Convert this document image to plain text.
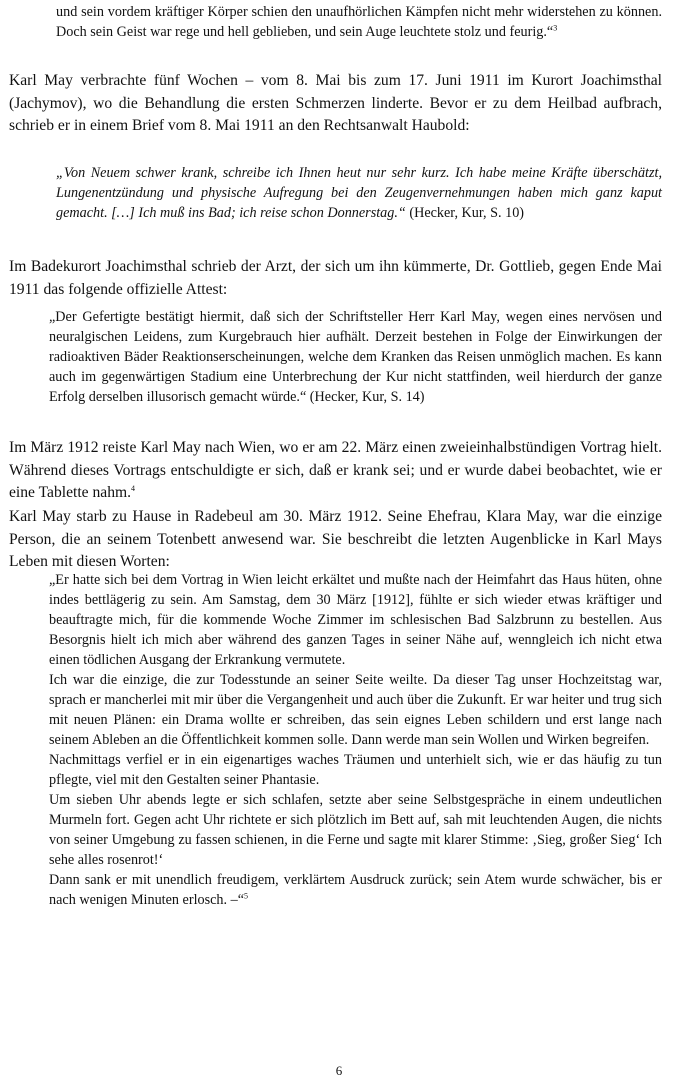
und sein vordem kräftiger Körper schien den unaufhörlichen Kämpfen nicht mehr widerstehen zu können. Doch sein Geist war rege und hell geblieben, und sein Auge leuchtete stolz und feurig.“$^3$

Karl May verbrachte fünf Wochen – vom 8. Mai bis zum 17. Juni 1911 im Kurort Joachimsthal (Jachymov), wo die Behandlung die ersten Schmerzen linderte. Bevor er zu dem Heilbad aufbrach, schrieb er in einem Brief vom 8. Mai 1911 an den Rechtsanwalt Haubold:

„Von Neuem schwer krank, schreibe ich Ihnen heut nur sehr kurz. Ich habe meine Kräfte überschätzt, Lungenentzündung und physische Aufregung bei den Zeugenvernehmungen haben mich ganz kaput gemacht. […] Ich muß ins Bad; ich reise schon Donnerstag.“ (Hecker, Kur, S. 10)

Im Badekurort Joachimsthal schrieb der Arzt, der sich um ihn kümmerte, Dr. Gottlieb, gegen Ende Mai 1911 das folgende offizielle Attest:

„Der Gefertigte bestätigt hiermit, daß sich der Schriftsteller Herr Karl May, wegen eines nervösen und neuralgischen Leidens, zum Kurgebrauch hier aufhält. Derzeit bestehen in Folge der Einwirkungen der radioaktiven Bäder Reaktionserscheinungen, welche dem Kranken das Reisen unmöglich machen. Es kann auch im gegenwärtigen Stadium eine Unterbrechung der Kur nicht stattfinden, weil hierdurch der ganze Erfolg derselben illusorisch gemacht würde.“ (Hecker, Kur, S. 14)

Im März 1912 reiste Karl May nach Wien, wo er am 22. März einen zweieinhalbstündigen Vortrag hielt. Während dieses Vortrags entschuldigte er sich, daß er krank sei; und er wurde dabei beobachtet, wie er eine Tablette nahm.$^4$

Karl May starb zu Hause in Radebeul am 30. März 1912. Seine Ehefrau, Klara May, war die einzige Person, die an seinem Totenbett anwesend war. Sie beschreibt die letzten Augenblicke in Karl Mays Leben mit diesen Worten:

„Er hatte sich bei dem Vortrag in Wien leicht erkältet und mußte nach der Heimfahrt das Haus hüten, ohne indes bettlägerig zu sein. Am Samstag, dem 30 März [1912], fühlte er sich wieder etwas kräftiger und beauftragte mich, für die kommende Woche Zimmer im schlesischen Bad Salzbrunn zu bestellen. Aus Besorgnis hielt ich mich aber während des ganzen Tages in seiner Nähe auf, wenngleich ich nicht etwa einen tödlichen Ausgang der Erkrankung vermutete.
Ich war die einzige, die zur Todesstunde an seiner Seite weilte. Da dieser Tag unser Hochzeitstag war, sprach er mancherlei mit mir über die Vergangenheit und auch über die Zukunft. Er war heiter und trug sich mit neuen Plänen: ein Drama wollte er schreiben, das sein eignes Leben schildern und erst lange nach seinem Ableben an die Öffentlichkeit kommen solle. Dann werde man sein Wollen und Wirken begreifen.
Nachmittags verfiel er in ein eigenartiges waches Träumen und unterhielt sich, wie er das häufig zu tun pflegte, viel mit den Gestalten seiner Phantasie.
Um sieben Uhr abends legte er sich schlafen, setzte aber seine Selbstgespräche in einem undeutlichen Murmeln fort. Gegen acht Uhr richtete er sich plötzlich im Bett auf, sah mit leuchtenden Augen, die nichts von seiner Umgebung zu fassen schienen, in die Ferne und sagte mit klarer Stimme: ‚Sieg, großer Sieg‘ Ich sehe alles rosenrot!‘
Dann sank er mit unendlich freudigem, verklärtem Ausdruck zurück; sein Atem wurde schwächer, bis er nach wenigen Minuten erlosch. –“$^5$
6
